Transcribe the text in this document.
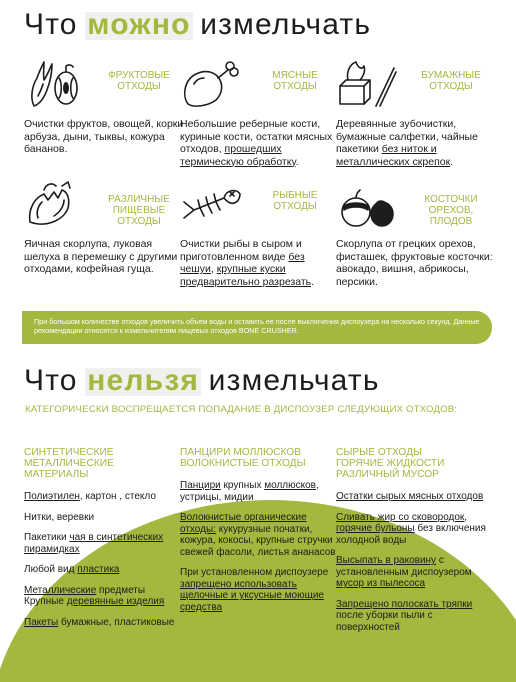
Что можно измельчать
ФРУКТОВЫЕ
ОТХОДЫ
Очистки фруктов, овощей, корки арбуза, дыни, тыквы, кожура бананов.
МЯСНЫЕ
ОТХОДЫ
Небольшие реберные кости, куриные кости, остатки мясных отходов, прошедших термическую обработку.
БУМАЖНЫЕ
ОТХОДЫ
Деревянные зубочистки, бумажные салфетки, чайные пакетики без ниток и металлических скрепок.
РАЗЛИЧНЫЕ
ПИЩЕВЫЕ
ОТХОДЫ
Яичная скорлупа, луковая шелуха в перемешку с другими отходами, кофейная гуща.
РЫБНЫЕ
ОТХОДЫ
Очистки рыбы в сыром и приготовленном виде без чешуи, крупные куски предварительно разрезать.
КОСТОЧКИ
ОРЕХОВ,
ПЛОДОВ
Скорлупа от грецких орехов, фисташек, фруктовые косточки: авокадо, вишня, абрикосы, персики.
При большом количестве отходов увеличить объем воды и оставить ее после выключения диспоузера на несколько секунд. Данные рекомендации относятся к измельчителям пищевых отходов BONE CRUSHER.
Что нельзя измельчать
КАТЕГОРИЧЕСКИ ВОСПРЕЩАЕТСЯ ПОПАДАНИЕ В ДИСПОУЗЕР СЛЕДУЮЩИХ ОТХОДОВ:
СИНТЕТИЧЕСКИЕ
МЕТАЛЛИЧЕСКИЕ
МАТЕРИАЛЫ
Полиэтилен, картон , стекло
Нитки, веревки
Пакетики чая в синтетических пирамидках
Любой вид пластика
Металлические предметы Крупные деревянные изделия
Пакеты бумажные, пластиковые
ПАНЦИРИ МОЛЛЮСКОВ
ВОЛОКНИСТЫЕ ОТХОДЫ
Панцири крупных моллюсков, устрицы, мидии
Волокнистые органические отходы: кукурузные початки, кожура, кокосы, крупные стручки свежей фасоли, листья ананасов
При установленном диспоузере запрещено использовать щелочные и уксусные моющие средства
СЫРЫЕ ОТХОДЫ
ГОРЯЧИЕ ЖИДКОСТИ
РАЗЛИЧНЫЙ МУСОР
Остатки сырых мясных отходов
Сливать жир со сковородок, горячие бульоны без включения холодной воды
Высыпать в раковину с установленным диспоузером мусор из пылесоса
Запрещено полоскать тряпки после уборки пыли с поверхностей
